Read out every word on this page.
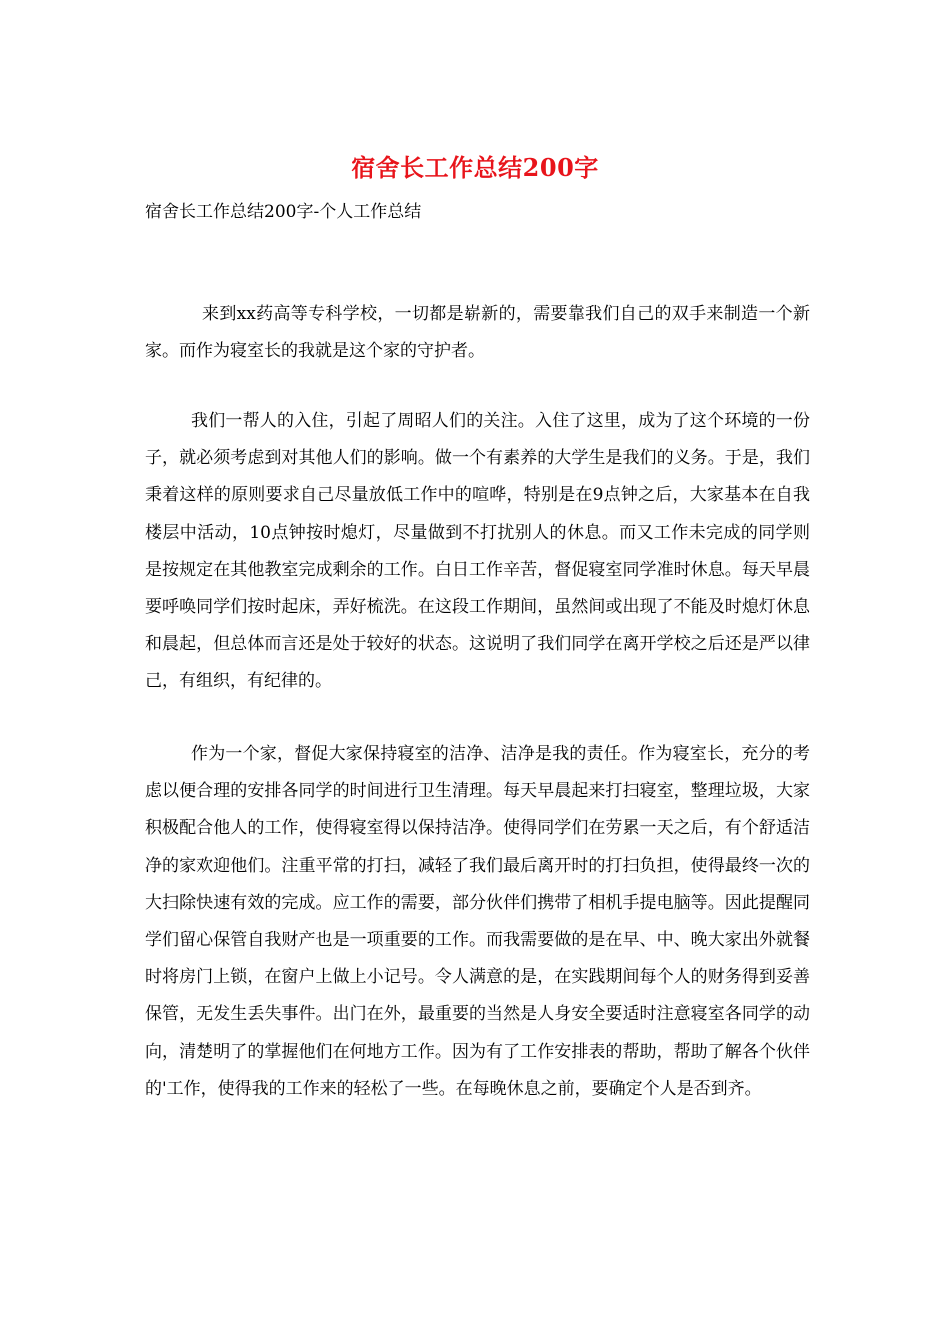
宿舍长工作总结200字
宿舍长工作总结200字-个人工作总结

来到xx药高等专科学校，一切都是崭新的，需要靠我们自己的双手来制造一个新家。而作为寝室长的我就是这个家的守护者。

我们一帮人的入住，引起了周昭人们的关注。入住了这里，成为了这个环境的一份子，就必须考虑到对其他人们的影响。做一个有素养的大学生是我们的义务。于是，我们秉着这样的原则要求自己尽量放低工作中的喧哗，特别是在9点钟之后，大家基本在自我楼层中活动，10点钟按时熄灯，尽量做到不打扰别人的休息。而又工作未完成的同学则是按规定在其他教室完成剩余的工作。白日工作辛苦，督促寝室同学准时休息。每天早晨要呼唤同学们按时起床，弄好梳洗。在这段工作期间，虽然间或出现了不能及时熄灯休息和晨起，但总体而言还是处于较好的状态。这说明了我们同学在离开学校之后还是严以律己，有组织，有纪律的。

作为一个家，督促大家保持寝室的洁净、洁净是我的责任。作为寝室长，充分的考虑以便合理的安排各同学的时间进行卫生清理。每天早晨起来打扫寝室，整理垃圾，大家积极配合他人的工作，使得寝室得以保持洁净。使得同学们在劳累一天之后，有个舒适洁净的家欢迎他们。注重平常的打扫，减轻了我们最后离开时的打扫负担，使得最终一次的大扫除快速有效的完成。应工作的需要，部分伙伴们携带了相机手提电脑等。因此提醒同学们留心保管自我财产也是一项重要的工作。而我需要做的是在早、中、晚大家出外就餐时将房门上锁，在窗户上做上小记号。令人满意的是，在实践期间每个人的财务得到妥善保管，无发生丢失事件。出门在外，最重要的当然是人身安全要适时注意寝室各同学的动向，清楚明了的掌握他们在何地方工作。因为有了工作安排表的帮助，帮助了解各个伙伴的'工作，使得我的工作来的轻松了一些。在每晚休息之前，要确定个人是否到齐。
